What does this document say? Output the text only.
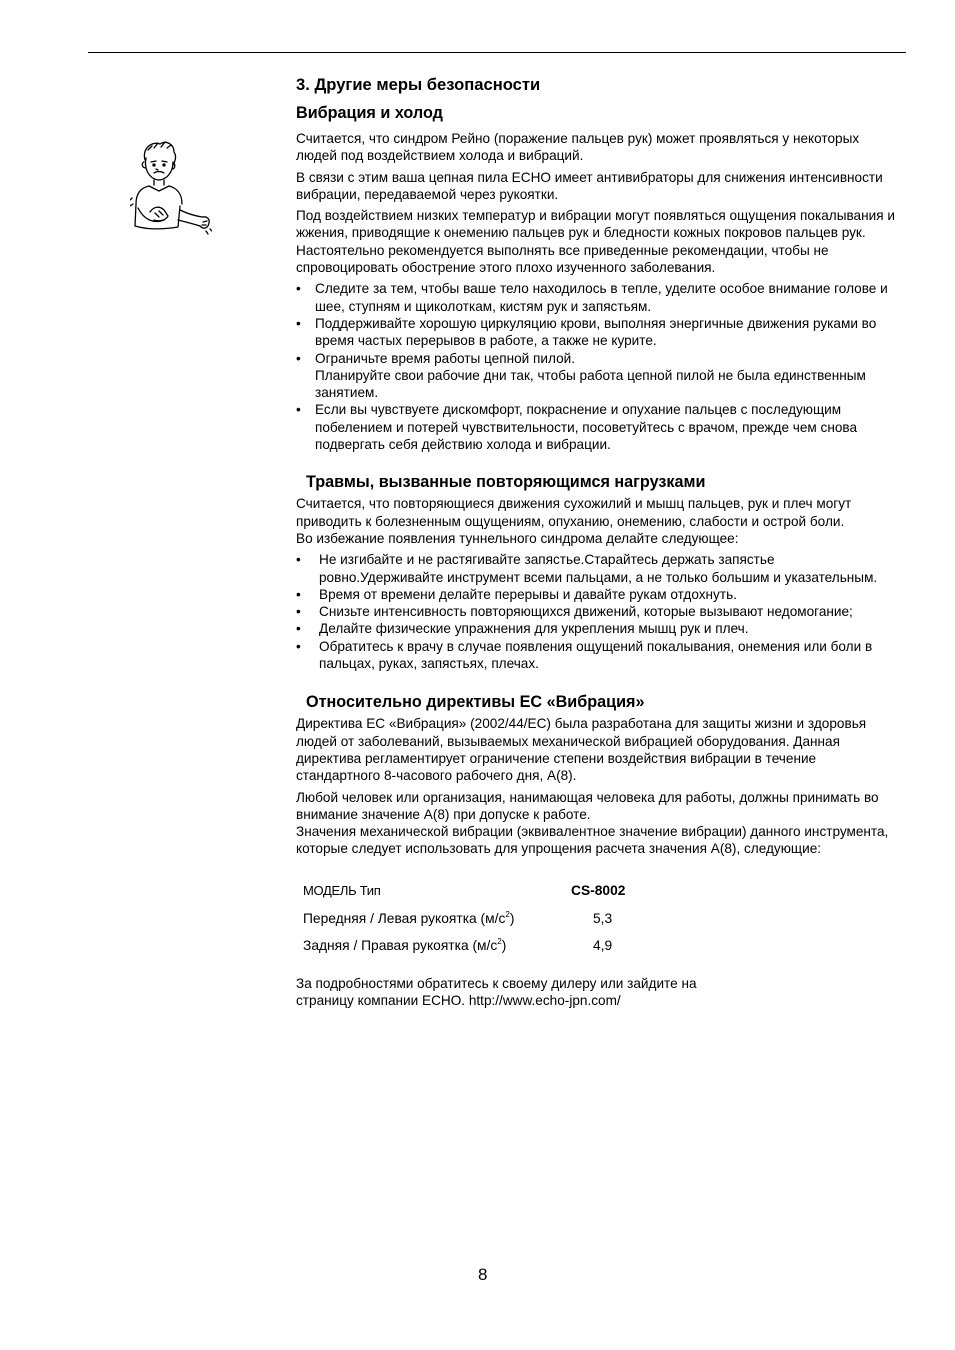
3. Другие меры безопасности
Вибрация и холод

Считается, что синдром Рейно (поражение пальцев рук) может проявляться у некоторых людей под воздействием холода и вибраций.

В связи с этим ваша цепная пила ECHO имеет антивибраторы для снижения интенсивности вибрации, передаваемой через рукоятки.

Под воздействием низких температур и вибрации могут появляться ощущения покалывания и жжения, приводящие к онемению пальцев рук и бледности кожных покровов пальцев рук.

Настоятельно рекомендуется выполнять все приведенные рекомендации, чтобы не спровоцировать обострение этого плохо изученного заболевания.

• Следите за тем, чтобы ваше тело находилось в тепле, уделите особое внимание голове и шее, ступням и щиколоткам, кистям рук и запястьям.
• Поддерживайте хорошую циркуляцию крови, выполняя энергичные движения руками во время частых перерывов в работе, а также не курите.
• Ограничьте время работы цепной пилой.
Планируйте свои рабочие дни так, чтобы работа цепной пилой не была единственным занятием.
• Если вы чувствуете дискомфорт, покраснение и опухание пальцев с последующим побелением и потерей чувствительности, посоветуйтесь с врачом, прежде чем снова подвергать себя действию холода и вибрации.
Травмы, вызванные повторяющимся нагрузками

Считается, что повторяющиеся движения сухожилий и мышц пальцев, рук и плеч могут приводить к болезненным ощущениям, опуханию, онемению, слабости и острой боли.

Во избежание появления туннельного синдрома делайте следующее:

• Не изгибайте и не растягивайте запястье.Старайтесь держать запястье ровно.Удерживайте инструмент всеми пальцами, а не только большим и указательным.
• Время от времени делайте перерывы и давайте рукам отдохнуть.
• Снизьте интенсивность повторяющихся движений, которые вызывают недомогание;
• Делайте физические упражнения для укрепления мышц рук и плеч.
• Обратитесь к врачу в случае появления ощущений покалывания, онемения или боли в пальцах, руках, запястьях, плечах.
Относительно директивы ЕС «Вибрация»

Директива ЕС «Вибрация» (2002/44/ЕС) была разработана для защиты жизни и здоровья людей от заболеваний, вызываемых механической вибрацией оборудования. Данная директива регламентирует ограничение степени воздействия вибрации в течение стандартного 8-часового рабочего дня, A(8).

Любой человек или организация, нанимающая человека для работы, должны принимать во внимание значение A(8) при допуске к работе.

Значения механической вибрации (эквивалентное значение вибрации) данного инструмента, которые следует использовать для упрощения расчета значения A(8), следующие:

МОДЕЛЬ Тип	CS-8002
Передняя / Левая рукоятка $(м/с^2)$	5,3
Задняя / Правая рукоятка $(м/с^2)$	4,9
За подробностями обратитесь к своему дилеру или зайдите на
страницу компании ECHO. http://www.echo-jpn.com/
8
